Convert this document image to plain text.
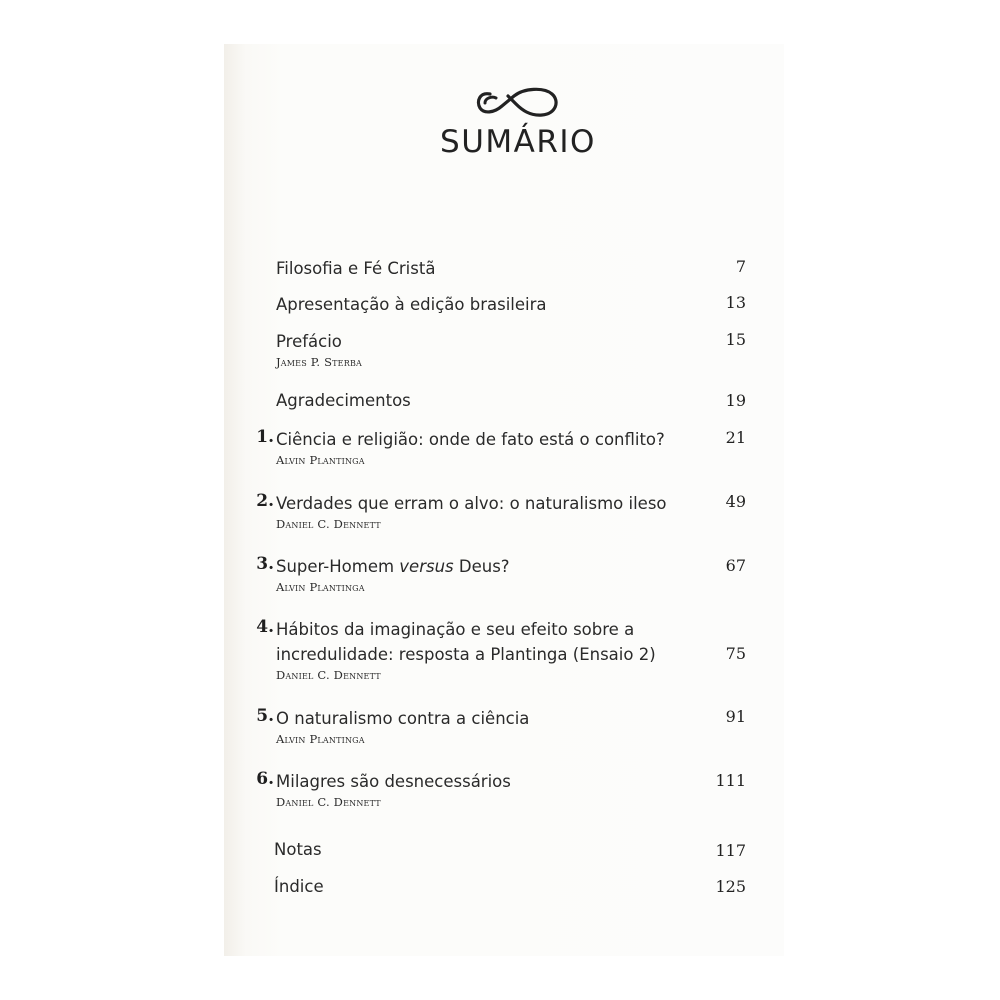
SUMÁRIO
Filosofia e Fé Cristã	7
Apresentação à edição brasileira	13
Prefácio	15
James P. Sterba
Agradecimentos	19
1. Ciência e religião: onde de fato está o conflito?	21
Alvin Plantinga
2. Verdades que erram o alvo: o naturalismo ileso	49
Daniel C. Dennett
3. Super-Homem versus Deus?	67
Alvin Plantinga
4. Hábitos da imaginação e seu efeito sobre a
incredulidade: resposta a Plantinga (Ensaio 2)	75
Daniel C. Dennett
5. O naturalismo contra a ciência	91
Alvin Plantinga
6. Milagres são desnecessários	111
Daniel C. Dennett
Notas	117
Índice	125
